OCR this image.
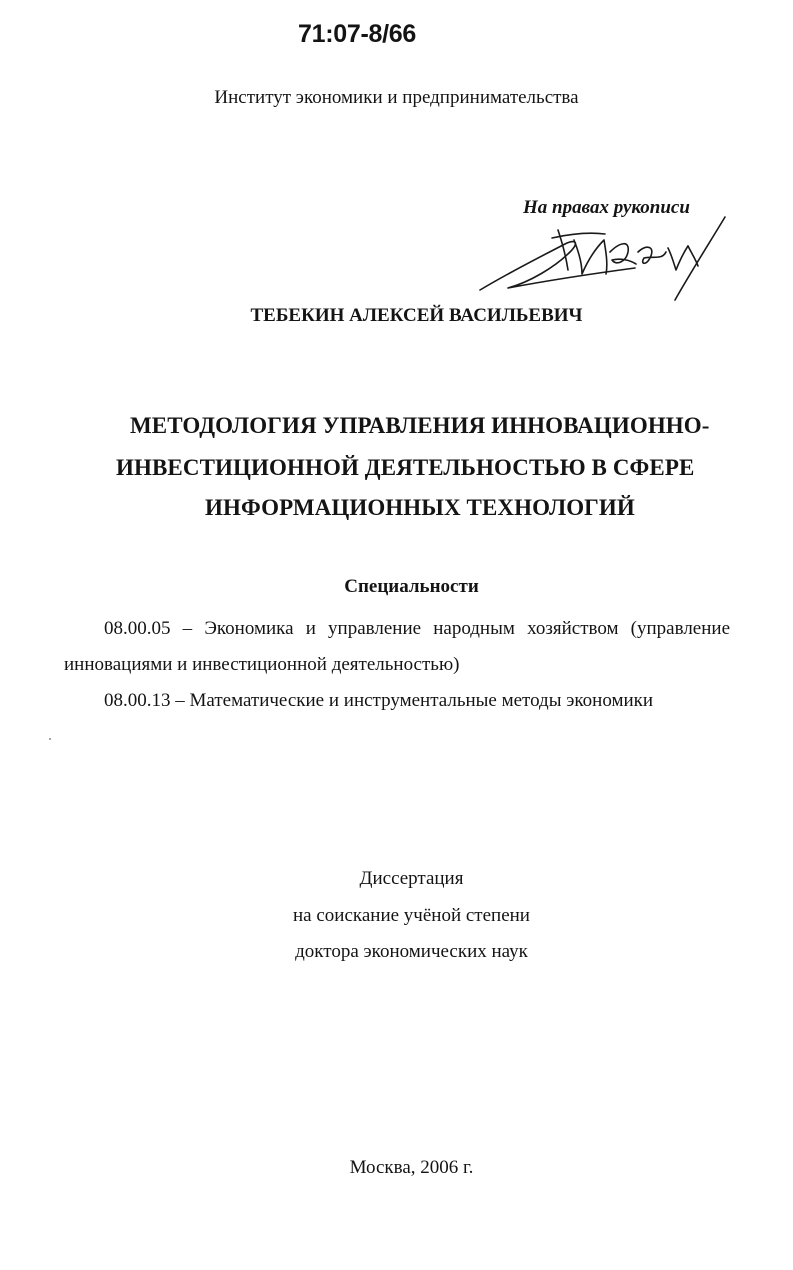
71:07-8/66
Институт экономики и предпринимательства
На правах рукописи
ТЕБЕКИН АЛЕКСЕЙ ВАСИЛЬЕВИЧ
МЕТОДОЛОГИЯ УПРАВЛЕНИЯ ИННОВАЦИОННО-
ИНВЕСТИЦИОННОЙ ДЕЯТЕЛЬНОСТЬЮ В СФЕРЕ
ИНФОРМАЦИОННЫХ ТЕХНОЛОГИЙ
Специальности
08.00.05 – Экономика и управление народным хозяйством (управление
инновациями и инвестиционной деятельностью)
08.00.13 – Математические и инструментальные методы экономики
Диссертация
на соискание учёной степени
доктора экономических наук
Москва, 2006 г.
